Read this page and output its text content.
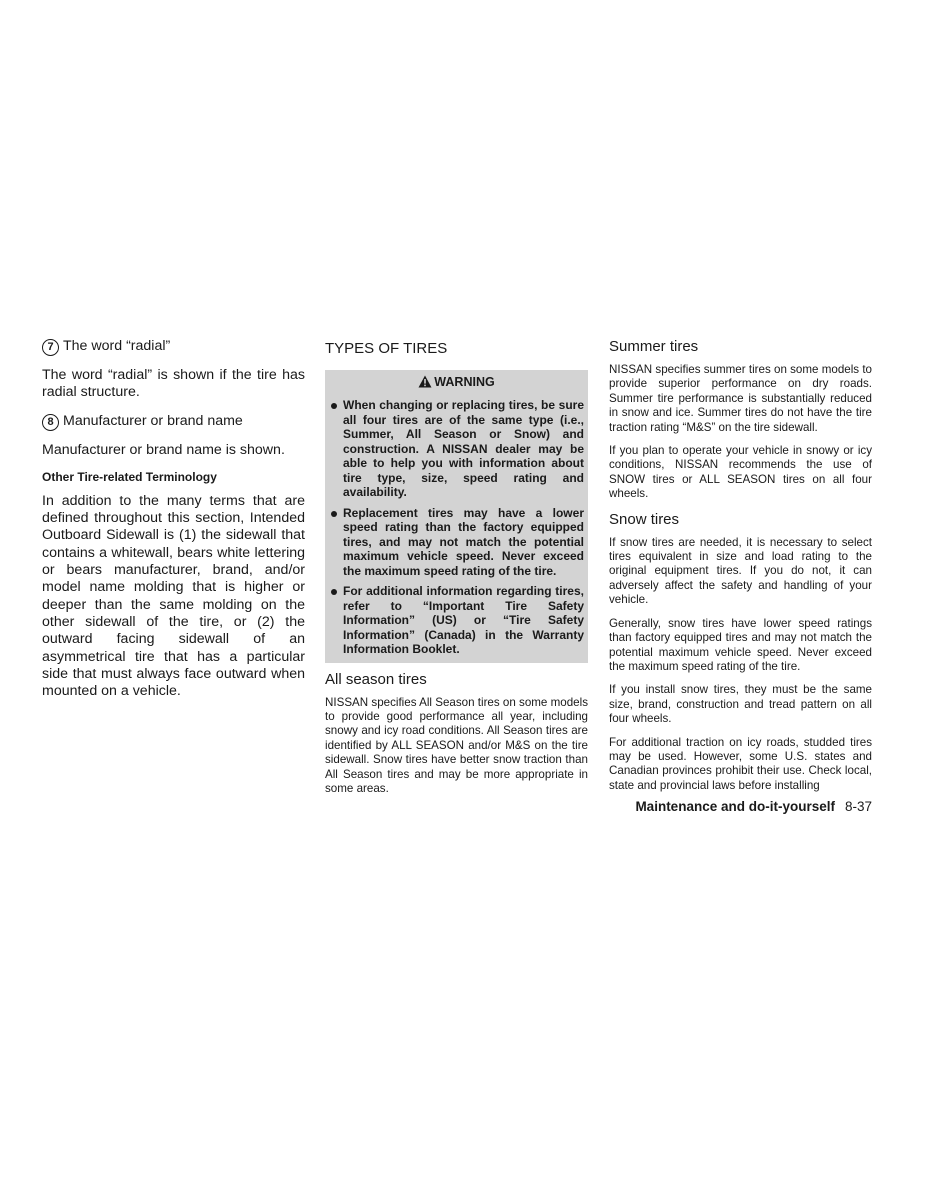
7 The word “radial”

The word “radial” is shown if the tire has radial structure.

8 Manufacturer or brand name

Manufacturer or brand name is shown.

Other Tire-related Terminology

In addition to the many terms that are defined throughout this section, Intended Outboard Sidewall is (1) the sidewall that contains a whitewall, bears white lettering or bears manufacturer, brand, and/or model name molding that is higher or deeper than the same molding on the other sidewall of the tire, or (2) the outward facing sidewall of an asymmetrical tire that has a particular side that must always face outward when mounted on a vehicle.

TYPES OF TIRES
WARNING
When changing or replacing tires, be sure all four tires are of the same type (i.e., Summer, All Season or Snow) and construction. A NISSAN dealer may be able to help you with information about tire type, size, speed rating and availability.
Replacement tires may have a lower speed rating than the factory equipped tires, and may not match the potential maximum vehicle speed. Never exceed the maximum speed rating of the tire.
For additional information regarding tires, refer to “Important Tire Safety Information” (US) or “Tire Safety Information” (Canada) in the Warranty Information Booklet.
All season tires

NISSAN specifies All Season tires on some models to provide good performance all year, including snowy and icy road conditions. All Season tires are identified by ALL SEASON and/or M&S on the tire sidewall. Snow tires have better snow traction than All Season tires and may be more appropriate in some areas.

Summer tires

NISSAN specifies summer tires on some models to provide superior performance on dry roads. Summer tire performance is substantially reduced in snow and ice. Summer tires do not have the tire traction rating “M&S” on the tire sidewall.

If you plan to operate your vehicle in snowy or icy conditions, NISSAN recommends the use of SNOW tires or ALL SEASON tires on all four wheels.

Snow tires

If snow tires are needed, it is necessary to select tires equivalent in size and load rating to the original equipment tires. If you do not, it can adversely affect the safety and handling of your vehicle.

Generally, snow tires have lower speed ratings than factory equipped tires and may not match the potential maximum vehicle speed. Never exceed the maximum speed rating of the tire.

If you install snow tires, they must be the same size, brand, construction and tread pattern on all four wheels.

For additional traction on icy roads, studded tires may be used. However, some U.S. states and Canadian provinces prohibit their use. Check local, state and provincial laws before installing

Maintenance and do-it-yourself 8-37
